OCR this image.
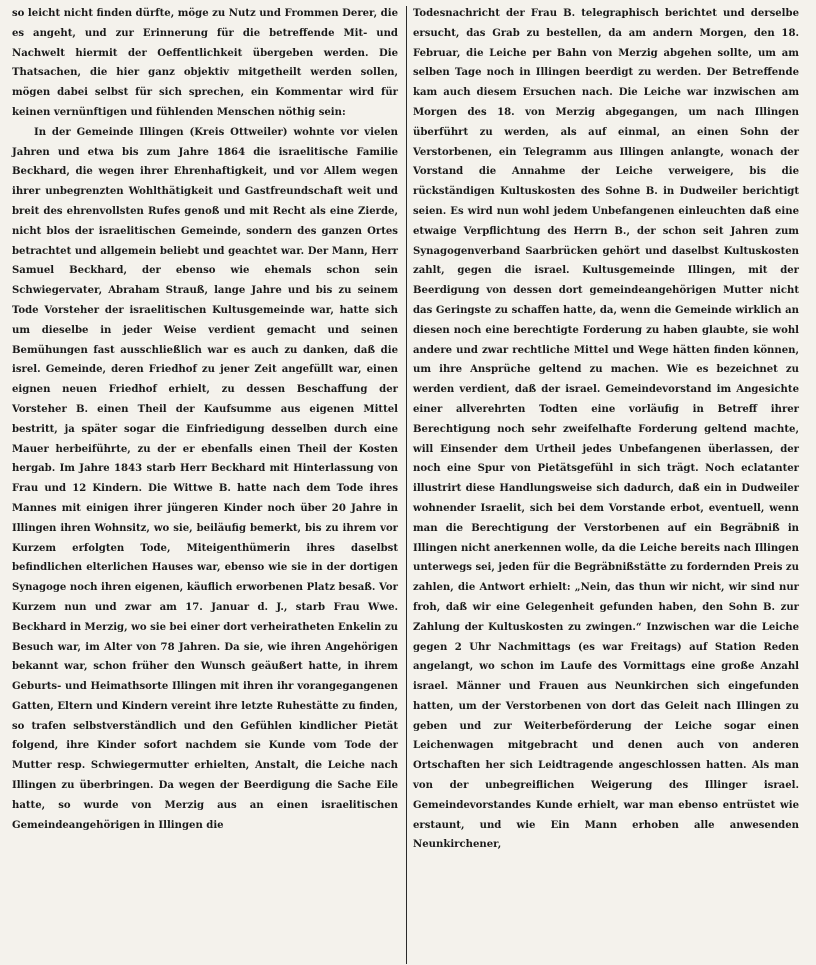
so leicht nicht finden dürfte, möge zu Nutz und Frommen Derer, die es angeht, und zur Erinnerung für die betreffende Mit- und Nachwelt hiermit der Oeffentlichkeit übergeben werden. Die Thatsachen, die hier ganz objektiv mitgetheilt werden sollen, mögen dabei selbst für sich sprechen, ein Kommentar wird für keinen vernünftigen und fühlenden Menschen nöthig sein:

In der Gemeinde Illingen (Kreis Ottweiler) wohnte vor vielen Jahren und etwa bis zum Jahre 1864 die israelitische Familie Beckhard, die wegen ihrer Ehrenhaftigkeit, und vor Allem wegen ihrer unbegrenzten Wohlthätigkeit und Gastfreundschaft weit und breit des ehrenvollsten Rufes genoß und mit Recht als eine Zierde, nicht blos der israelitischen Gemeinde, sondern des ganzen Ortes betrachtet und allgemein beliebt und geachtet war. Der Mann, Herr Samuel Beckhard, der ebenso wie ehemals schon sein Schwiegervater, Abraham Strauß, lange Jahre und bis zu seinem Tode Vorsteher der israelitischen Kultusgemeinde war, hatte sich um dieselbe in jeder Weise verdient gemacht und seinen Bemühungen fast ausschließlich war es auch zu danken, daß die isrel. Gemeinde, deren Friedhof zu jener Zeit angefüllt war, einen eignen neuen Friedhof erhielt, zu dessen Beschaffung der Vorsteher B. einen Theil der Kaufsumme aus eigenen Mittel bestritt, ja später sogar die Einfriedigung desselben durch eine Mauer herbeiführte, zu der er ebenfalls einen Theil der Kosten hergab. Im Jahre 1843 starb Herr Beckhard mit Hinterlassung von Frau und 12 Kindern. Die Wittwe B. hatte nach dem Tode ihres Mannes mit einigen ihrer jüngeren Kinder noch über 20 Jahre in Illingen ihren Wohnsitz, wo sie, beiläufig bemerkt, bis zu ihrem vor Kurzem erfolgten Tode, Miteigenthümerin ihres daselbst befindlichen elterlichen Hauses war, ebenso wie sie in der dortigen Synagoge noch ihren eigenen, käuflich erworbenen Platz besaß. Vor Kurzem nun und zwar am 17. Januar d. J., starb Frau Wwe. Beckhard in Merzig, wo sie bei einer dort verheiratheten Enkelin zu Besuch war, im Alter von 78 Jahren. Da sie, wie ihren Angehörigen bekannt war, schon früher den Wunsch geäußert hatte, in ihrem Geburts- und Heimathsorte Illingen mit ihren ihr vorangegangenen Gatten, Eltern und Kindern vereint ihre letzte Ruhestätte zu finden, so trafen selbstverständlich und den Gefühlen kindlicher Pietät folgend, ihre Kinder sofort nachdem sie Kunde vom Tode der Mutter resp. Schwiegermutter erhielten, Anstalt, die Leiche nach Illingen zu überbringen. Da wegen der Beerdigung die Sache Eile hatte, so wurde von Merzig aus an einen israelitischen Gemeindeangehörigen in Illingen die

Todesnachricht der Frau B. telegraphisch berichtet und derselbe ersucht, das Grab zu bestellen, da am andern Morgen, den 18. Februar, die Leiche per Bahn von Merzig abgehen sollte, um am selben Tage noch in Illingen beerdigt zu werden. Der Betreffende kam auch diesem Ersuchen nach. Die Leiche war inzwischen am Morgen des 18. von Merzig abgegangen, um nach Illingen überführt zu werden, als auf einmal, an einen Sohn der Verstorbenen, ein Telegramm aus Illingen anlangte, wonach der Vorstand die Annahme der Leiche verweigere, bis die rückständigen Kultuskosten des Sohne B. in Dudweiler berichtigt seien. Es wird nun wohl jedem Unbefangenen einleuchten daß eine etwaige Verpflichtung des Herrn B., der schon seit Jahren zum Synagogenverband Saarbrücken gehört und daselbst Kultuskosten zahlt, gegen die israel. Kultusgemeinde Illingen, mit der Beerdigung von dessen dort gemeindeangehörigen Mutter nicht das Geringste zu schaffen hatte, da, wenn die Gemeinde wirklich an diesen noch eine berechtigte Forderung zu haben glaubte, sie wohl andere und zwar rechtliche Mittel und Wege hätten finden können, um ihre Ansprüche geltend zu machen. Wie es bezeichnet zu werden verdient, daß der israel. Gemeindevorstand im Angesichte einer allverehrten Todten eine vorläufig in Betreff ihrer Berechtigung noch sehr zweifelhafte Forderung geltend machte, will Einsender dem Urtheil jedes Unbefangenen überlassen, der noch eine Spur von Pietätsgefühl in sich trägt. Noch eclatanter illustrirt diese Handlungsweise sich dadurch, daß ein in Dudweiler wohnender Israelit, sich bei dem Vorstande erbot, eventuell, wenn man die Berechtigung der Verstorbenen auf ein Begräbniß in Illingen nicht anerkennen wolle, da die Leiche bereits nach Illingen unterwegs sei, jeden für die Begräbnißstätte zu fordernden Preis zu zahlen, die Antwort erhielt: „Nein, das thun wir nicht, wir sind nur froh, daß wir eine Gelegenheit gefunden haben, den Sohn B. zur Zahlung der Kultuskosten zu zwingen.“ Inzwischen war die Leiche gegen 2 Uhr Nachmittags (es war Freitags) auf Station Reden angelangt, wo schon im Laufe des Vormittags eine große Anzahl israel. Männer und Frauen aus Neunkirchen sich eingefunden hatten, um der Verstorbenen von dort das Geleit nach Illingen zu geben und zur Weiterbeförderung der Leiche sogar einen Leichenwagen mitgebracht und denen auch von anderen Ortschaften her sich Leidtragende angeschlossen hatten. Als man von der unbegreiflichen Weigerung des Illinger israel. Gemeindevorstandes Kunde erhielt, war man ebenso entrüstet wie erstaunt, und wie Ein Mann erhoben alle anwesenden Neunkirchener,
